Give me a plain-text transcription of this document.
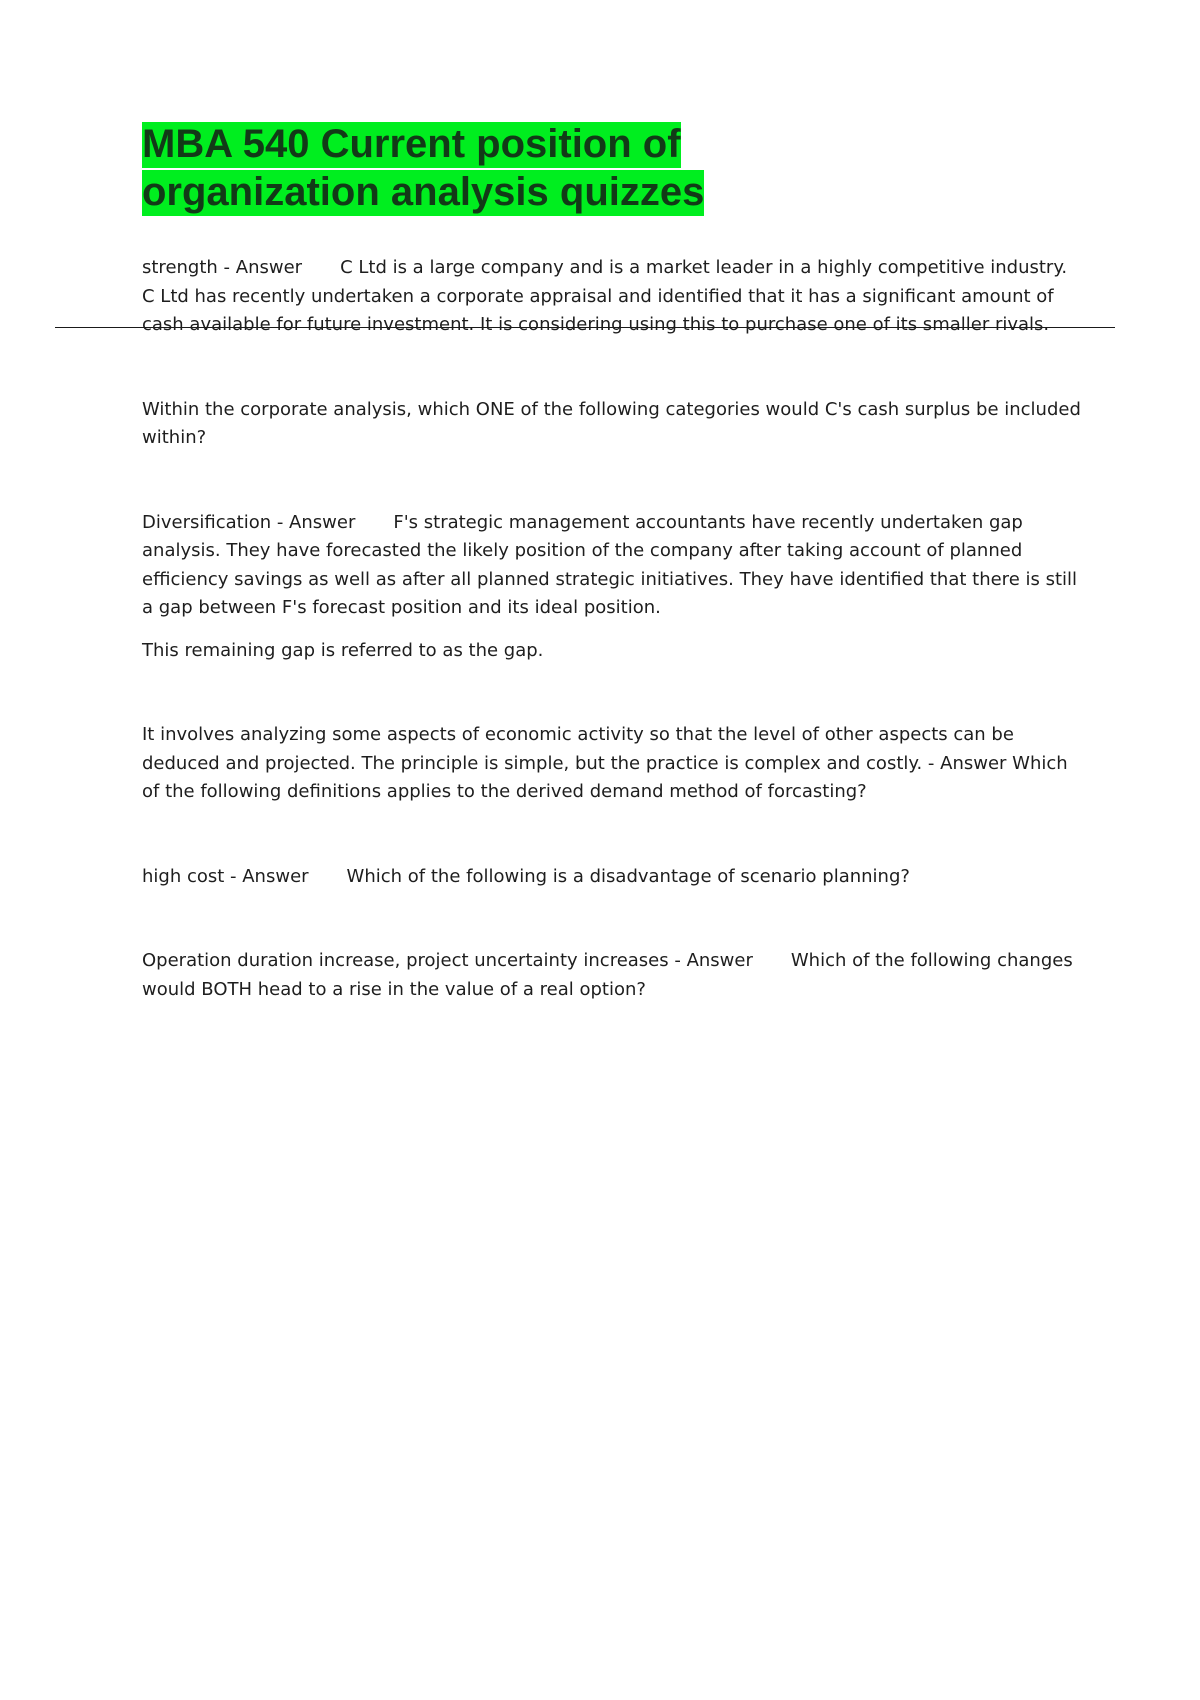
MBA 540 Current position of
organization analysis quizzes

strength - Answer C Ltd is a large company and is a market leader in a highly competitive industry. C Ltd has recently undertaken a corporate appraisal and identified that it has a significant amount of cash available for future investment. It is considering using this to purchase one of its smaller rivals.

Within the corporate analysis, which ONE of the following categories would C's cash surplus be included within?

Diversification - Answer F's strategic management accountants have recently undertaken gap analysis. They have forecasted the likely position of the company after taking account of planned efficiency savings as well as after all planned strategic initiatives. They have identified that there is still a gap between F's forecast position and its ideal position.

This remaining gap is referred to as the gap.

It involves analyzing some aspects of economic activity so that the level of other aspects can be deduced and projected. The principle is simple, but the practice is complex and costly. - Answer Which of the following definitions applies to the derived demand method of forcasting?

high cost - Answer Which of the following is a disadvantage of scenario planning?

Operation duration increase, project uncertainty increases - Answer Which of the following changes would BOTH head to a rise in the value of a real option?
